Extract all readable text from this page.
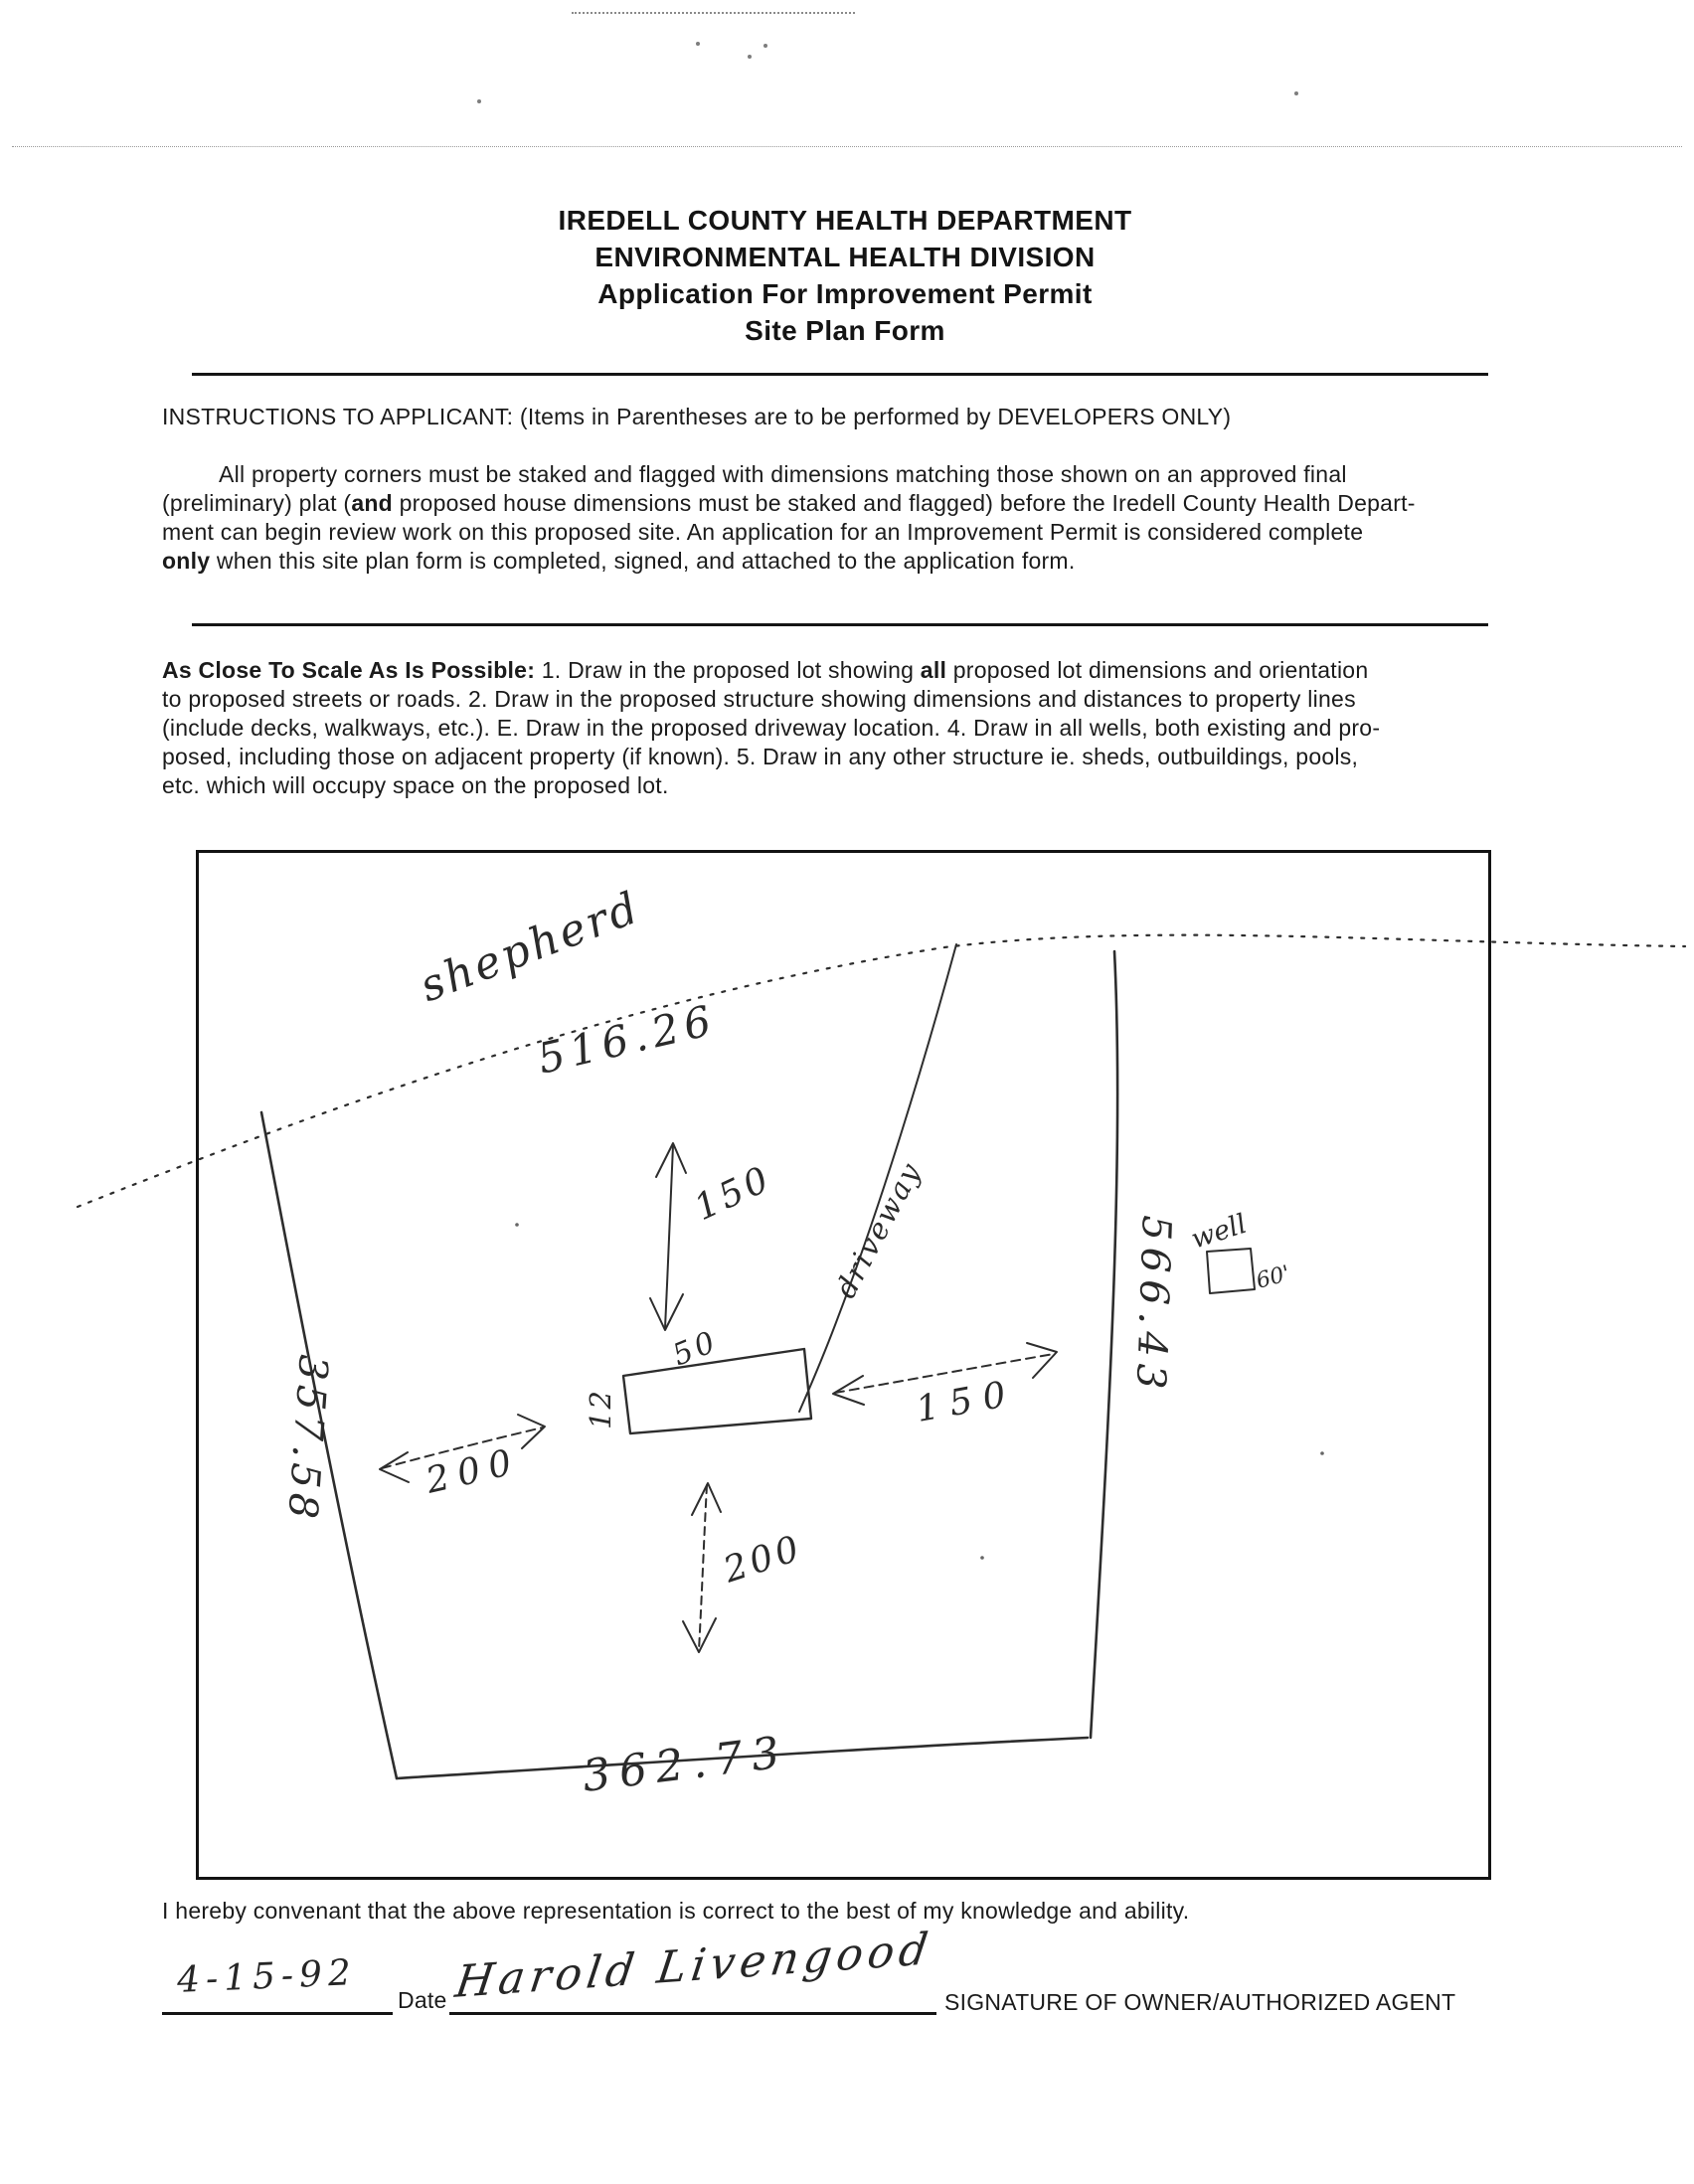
IREDELL COUNTY HEALTH DEPARTMENT
ENVIRONMENTAL HEALTH DIVISION
Application For Improvement Permit
Site Plan Form
INSTRUCTIONS TO APPLICANT: (Items in Parentheses are to be performed by DEVELOPERS ONLY)
All property corners must be staked and flagged with dimensions matching those shown on an approved final
(preliminary) plat (and proposed house dimensions must be staked and flagged) before the Iredell County Health Depart-
ment can begin review work on this proposed site. An application for an Improvement Permit is considered complete
only when this site plan form is completed, signed, and attached to the application form.
As Close To Scale As Is Possible: 1. Draw in the proposed lot showing all proposed lot dimensions and orientation
to proposed streets or roads. 2. Draw in the proposed structure showing dimensions and distances to property lines
(include decks, walkways, etc.). E. Draw in the proposed driveway location. 4. Draw in all wells, both existing and pro-
posed, including those on adjacent property (if known). 5. Draw in any other structure ie. sheds, outbuildings, pools,
etc. which will occupy space on the proposed lot.
shepherd
516.26
150 driveway	well
60'
566.43
357.58
50
12	150
200
200
362.73
I hereby convenant that the above representation is correct to the best of my knowledge and ability.
4-15-92 Date Harold Livengood SIGNATURE OF OWNER/AUTHORIZED AGENT
